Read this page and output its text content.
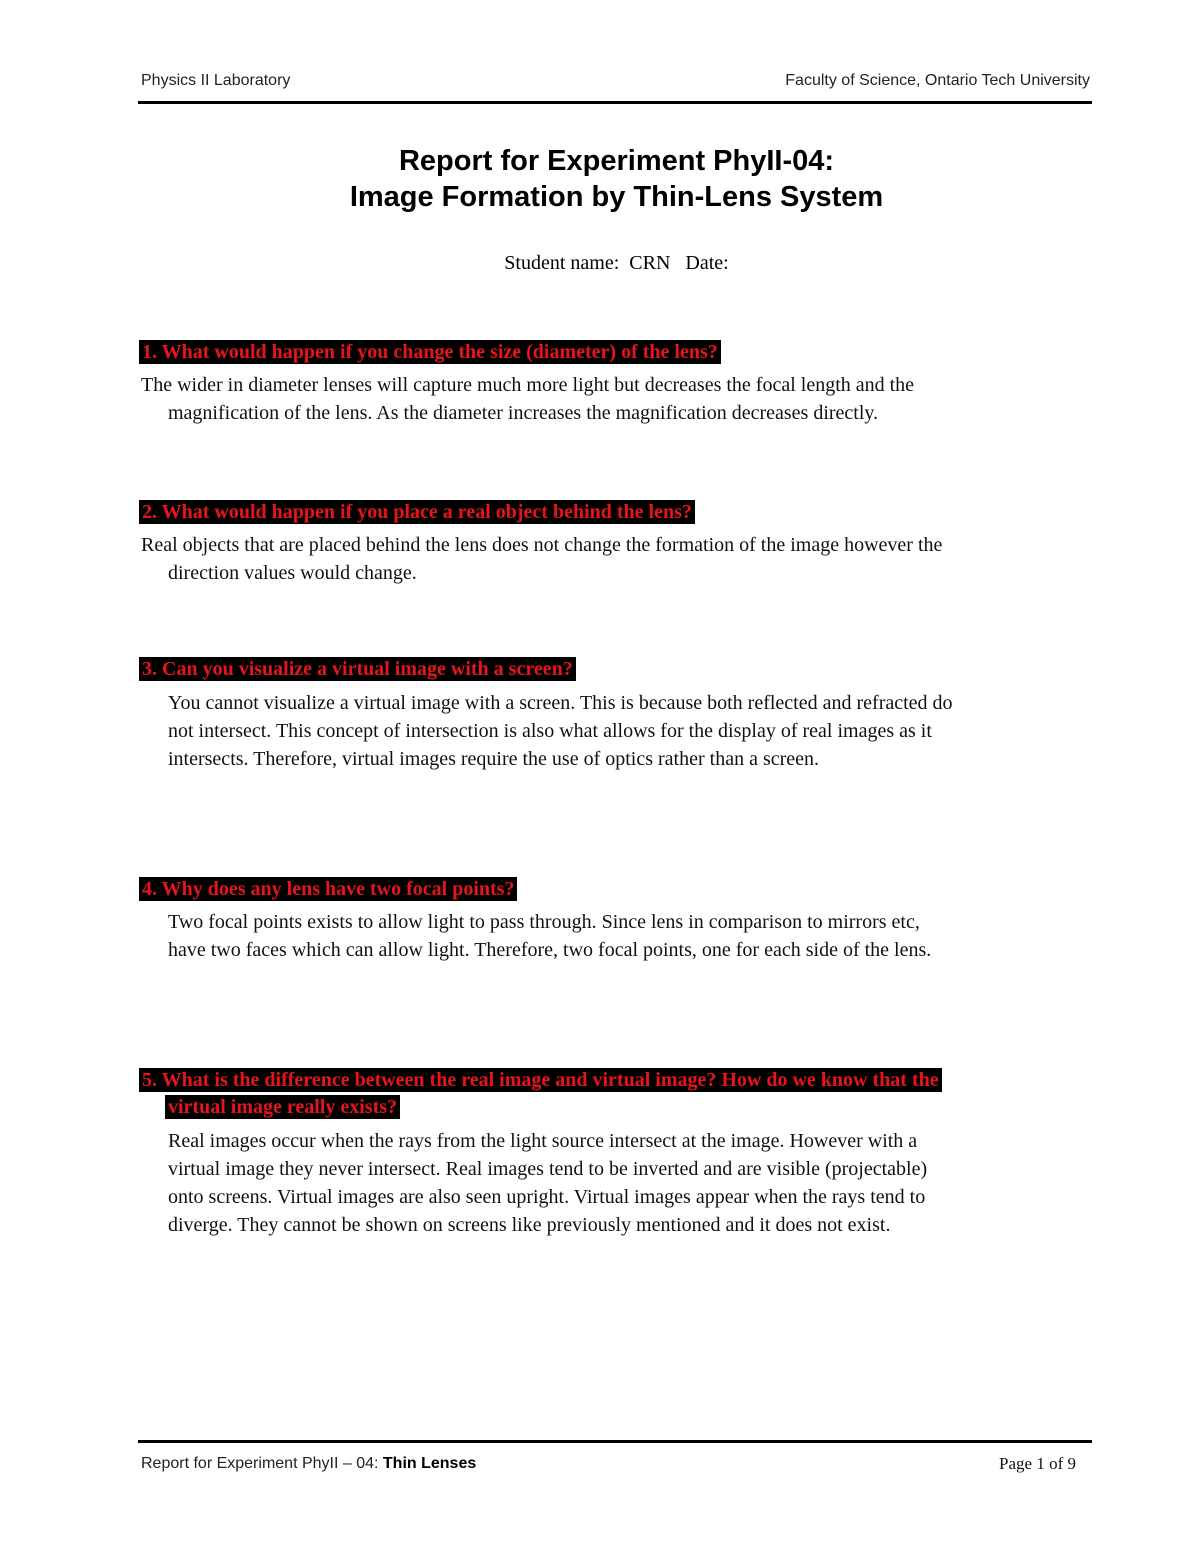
Physics II Laboratory	Faculty of Science, Ontario Tech University
Report for Experiment PhyII-04:
Image Formation by Thin-Lens System
Student name: CRN Date:
1. What would happen if you change the size (diameter) of the lens?
The wider in diameter lenses will capture much more light but decreases the focal length and the
magnification of the lens. As the diameter increases the magnification decreases directly.
2. What would happen if you place a real object behind the lens?
Real objects that are placed behind the lens does not change the formation of the image however the
direction values would change.
3. Can you visualize a virtual image with a screen?
You cannot visualize a virtual image with a screen. This is because both reflected and refracted do
not intersect. This concept of intersection is also what allows for the display of real images as it
intersects. Therefore, virtual images require the use of optics rather than a screen.
4. Why does any lens have two focal points?
Two focal points exists to allow light to pass through. Since lens in comparison to mirrors etc,
have two faces which can allow light. Therefore, two focal points, one for each side of the lens.
5. What is the difference between the real image and virtual image? How do we know that the
virtual image really exists?
Real images occur when the rays from the light source intersect at the image. However with a
virtual image they never intersect. Real images tend to be inverted and are visible (projectable)
onto screens. Virtual images are also seen upright. Virtual images appear when the rays tend to
diverge. They cannot be shown on screens like previously mentioned and it does not exist.
Report for Experiment PhyII – 04: Thin Lenses	Page 1 of 9
